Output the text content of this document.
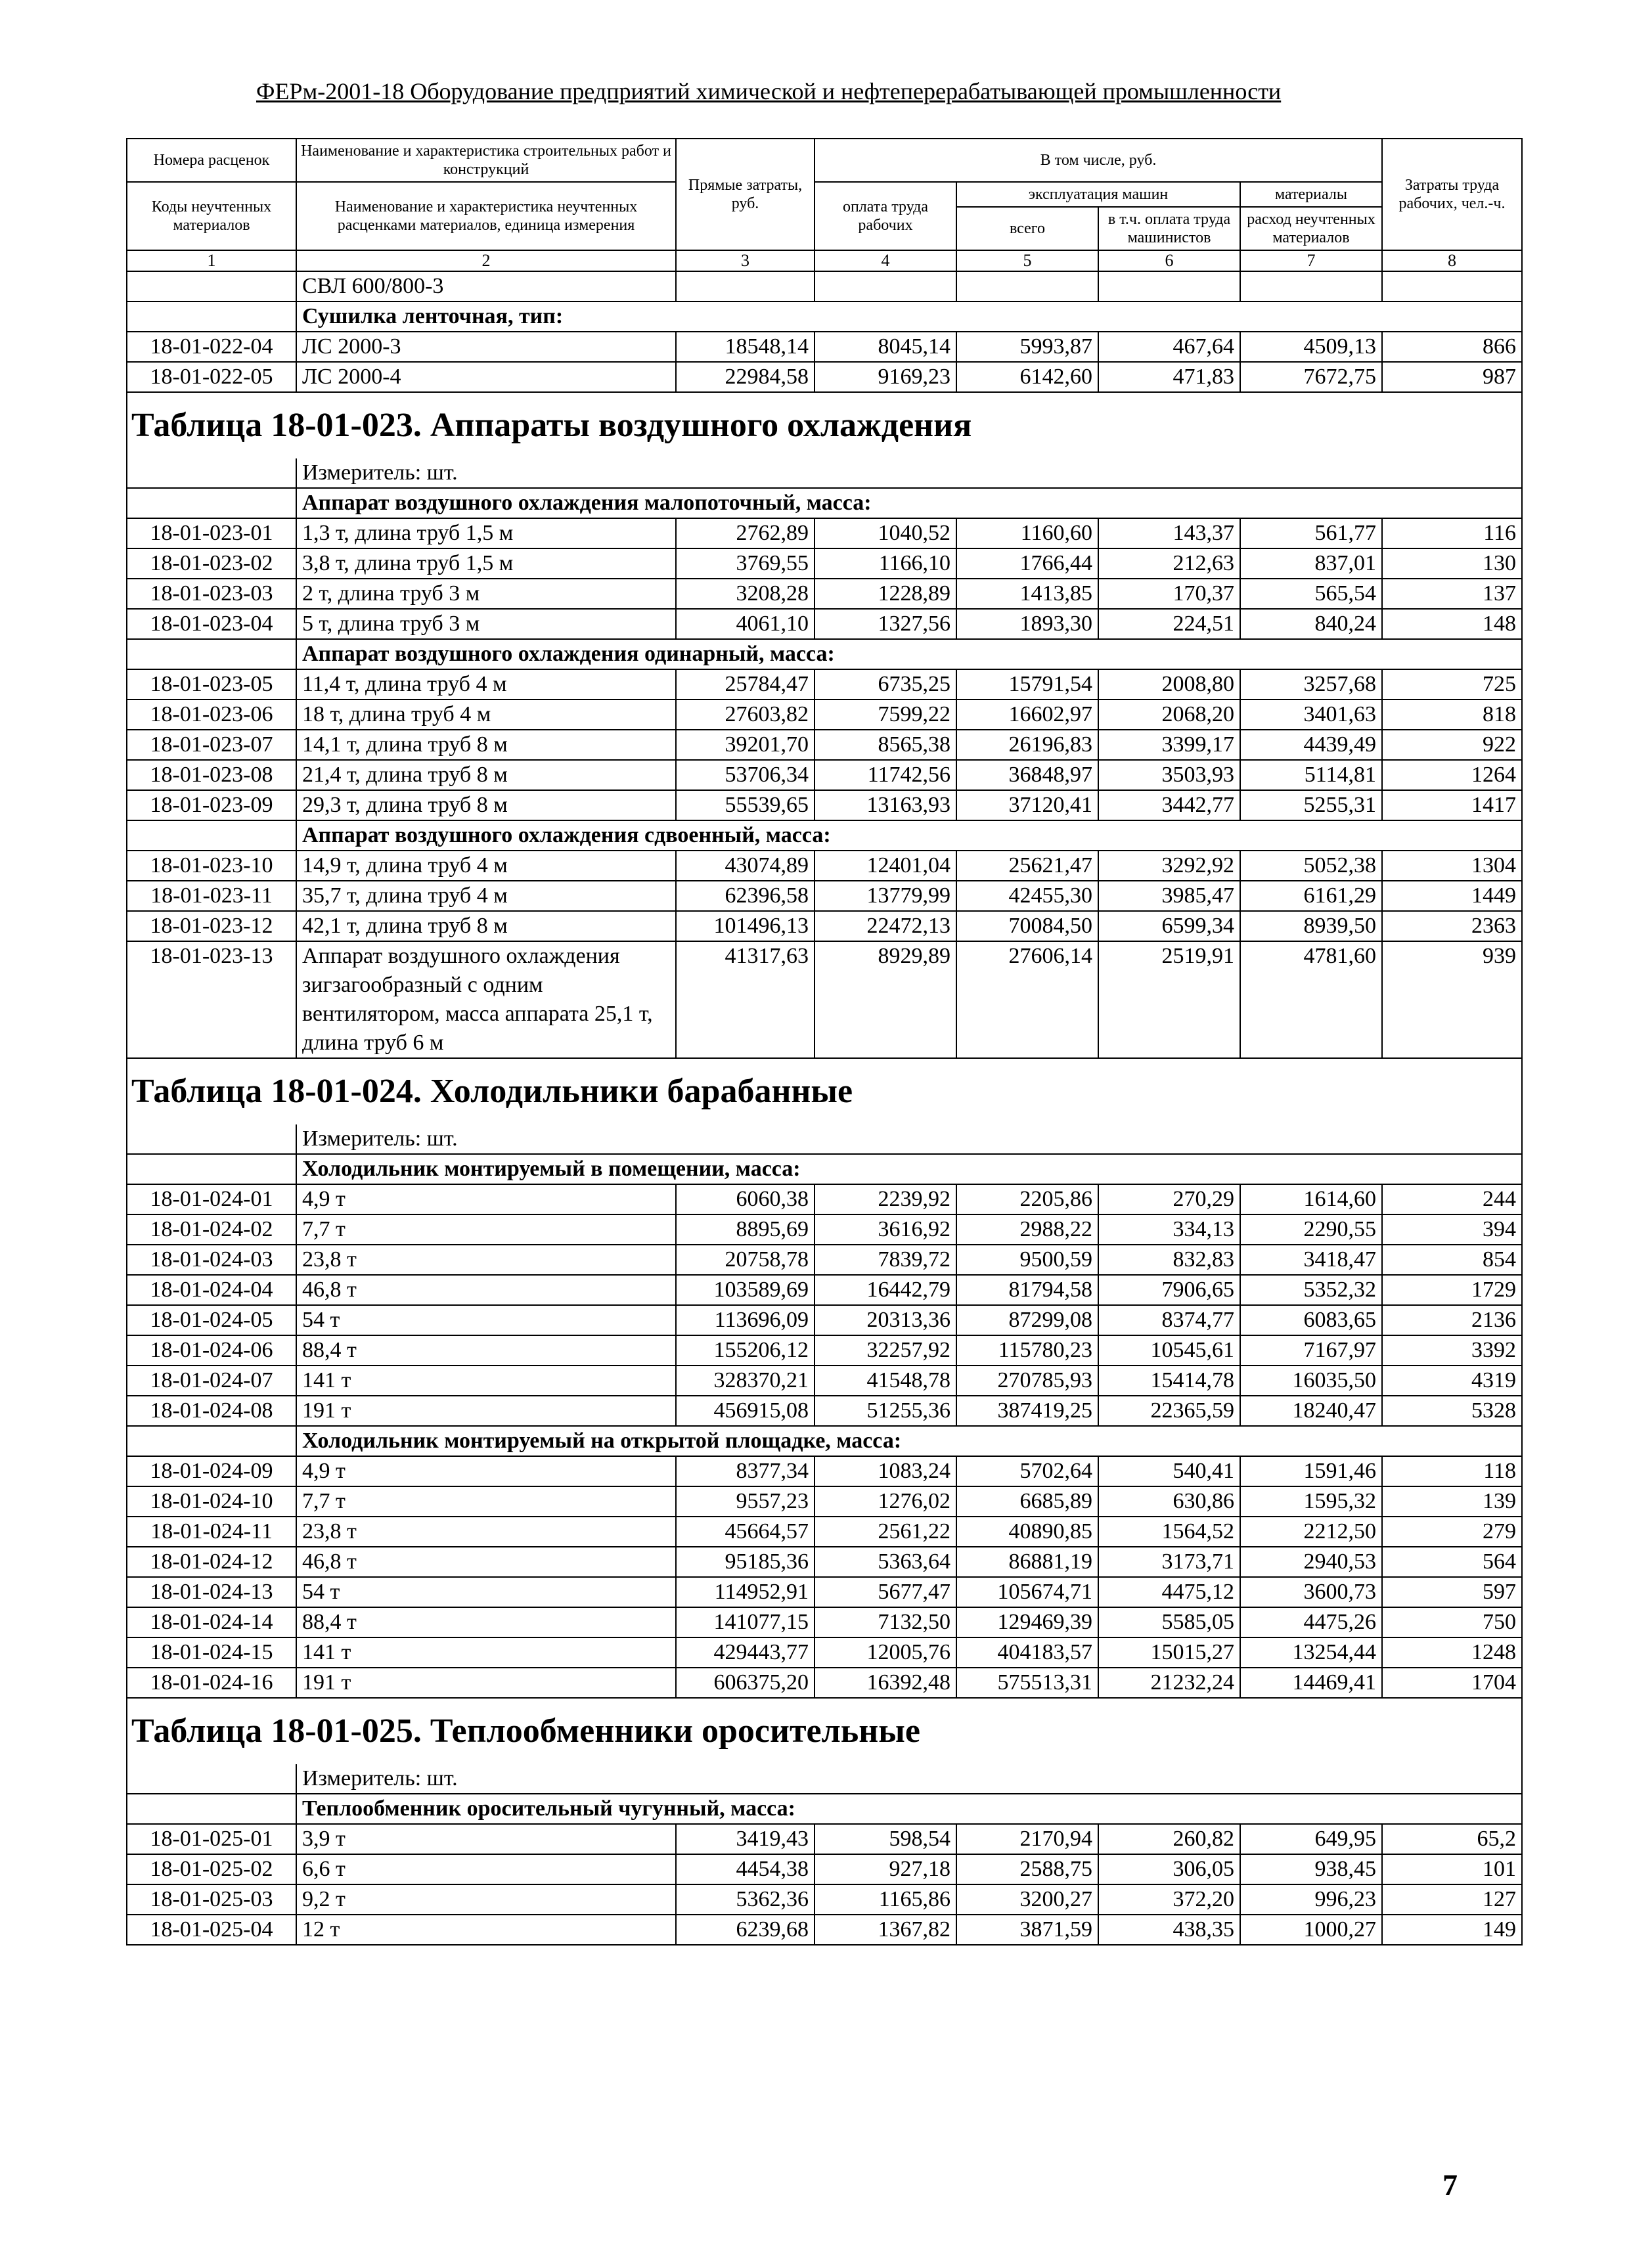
ФЕРм-2001-18 Оборудование предприятий химической и нефтеперерабатывающей промышленности
Номера расценок	Наименование и характеристика строительных работ и конструкций	Прямые затраты, руб.	В том числе, руб.				Затраты труда рабочих, чел.-ч.
Коды неучтенных материалов	Наименование и характеристика неучтенных расценками материалов, единица измерения		оплата труда рабочих	эксплуатация машин		материалы	
				всего	в т.ч. оплата труда машинистов	расход неучтенных материалов	
1	2	3	4	5	6	7	8
	СВЛ 600/800-3						
	Сушилка ленточная, тип:						
18-01-022-04	ЛС 2000-3	18548,14	8045,14	5993,87	467,64	4509,13	866
18-01-022-05	ЛС 2000-4	22984,58	9169,23	6142,60	471,83	7672,75	987
Таблица 18-01-023. Аппараты воздушного охлаждения							
	Измеритель: шт.						
	Аппарат воздушного охлаждения малопоточный, масса:						
18-01-023-01	1,3 т, длина труб 1,5 м	2762,89	1040,52	1160,60	143,37	561,77	116
18-01-023-02	3,8 т, длина труб 1,5 м	3769,55	1166,10	1766,44	212,63	837,01	130
18-01-023-03	2 т, длина труб 3 м	3208,28	1228,89	1413,85	170,37	565,54	137
18-01-023-04	5 т, длина труб 3 м	4061,10	1327,56	1893,30	224,51	840,24	148
	Аппарат воздушного охлаждения одинарный, масса:						
18-01-023-05	11,4 т, длина труб 4 м	25784,47	6735,25	15791,54	2008,80	3257,68	725
18-01-023-06	18 т, длина труб 4 м	27603,82	7599,22	16602,97	2068,20	3401,63	818
18-01-023-07	14,1 т, длина труб 8 м	39201,70	8565,38	26196,83	3399,17	4439,49	922
18-01-023-08	21,4 т, длина труб 8 м	53706,34	11742,56	36848,97	3503,93	5114,81	1264
18-01-023-09	29,3 т, длина труб 8 м	55539,65	13163,93	37120,41	3442,77	5255,31	1417
	Аппарат воздушного охлаждения сдвоенный, масса:						
18-01-023-10	14,9 т, длина труб 4 м	43074,89	12401,04	25621,47	3292,92	5052,38	1304
18-01-023-11	35,7 т, длина труб 4 м	62396,58	13779,99	42455,30	3985,47	6161,29	1449
18-01-023-12	42,1 т, длина труб 8 м	101496,13	22472,13	70084,50	6599,34	8939,50	2363
18-01-023-13	Аппарат воздушного охлаждения зигзагообразный с одним вентилятором, масса аппарата 25,1 т, длина труб 6 м	41317,63	8929,89	27606,14	2519,91	4781,60	939
Таблица 18-01-024. Холодильники барабанные							
	Измеритель: шт.						
	Холодильник монтируемый в помещении, масса:						
18-01-024-01	4,9 т	6060,38	2239,92	2205,86	270,29	1614,60	244
18-01-024-02	7,7 т	8895,69	3616,92	2988,22	334,13	2290,55	394
18-01-024-03	23,8 т	20758,78	7839,72	9500,59	832,83	3418,47	854
18-01-024-04	46,8 т	103589,69	16442,79	81794,58	7906,65	5352,32	1729
18-01-024-05	54 т	113696,09	20313,36	87299,08	8374,77	6083,65	2136
18-01-024-06	88,4 т	155206,12	32257,92	115780,23	10545,61	7167,97	3392
18-01-024-07	141 т	328370,21	41548,78	270785,93	15414,78	16035,50	4319
18-01-024-08	191 т	456915,08	51255,36	387419,25	22365,59	18240,47	5328
	Холодильник монтируемый на открытой площадке, масса:						
18-01-024-09	4,9 т	8377,34	1083,24	5702,64	540,41	1591,46	118
18-01-024-10	7,7 т	9557,23	1276,02	6685,89	630,86	1595,32	139
18-01-024-11	23,8 т	45664,57	2561,22	40890,85	1564,52	2212,50	279
18-01-024-12	46,8 т	95185,36	5363,64	86881,19	3173,71	2940,53	564
18-01-024-13	54 т	114952,91	5677,47	105674,71	4475,12	3600,73	597
18-01-024-14	88,4 т	141077,15	7132,50	129469,39	5585,05	4475,26	750
18-01-024-15	141 т	429443,77	12005,76	404183,57	15015,27	13254,44	1248
18-01-024-16	191 т	606375,20	16392,48	575513,31	21232,24	14469,41	1704
Таблица 18-01-025. Теплообменники оросительные							
	Измеритель: шт.						
	Теплообменник оросительный чугунный, масса:						
18-01-025-01	3,9 т	3419,43	598,54	2170,94	260,82	649,95	65,2
18-01-025-02	6,6 т	4454,38	927,18	2588,75	306,05	938,45	101
18-01-025-03	9,2 т	5362,36	1165,86	3200,27	372,20	996,23	127
18-01-025-04	12 т	6239,68	1367,82	3871,59	438,35	1000,27	149
7
